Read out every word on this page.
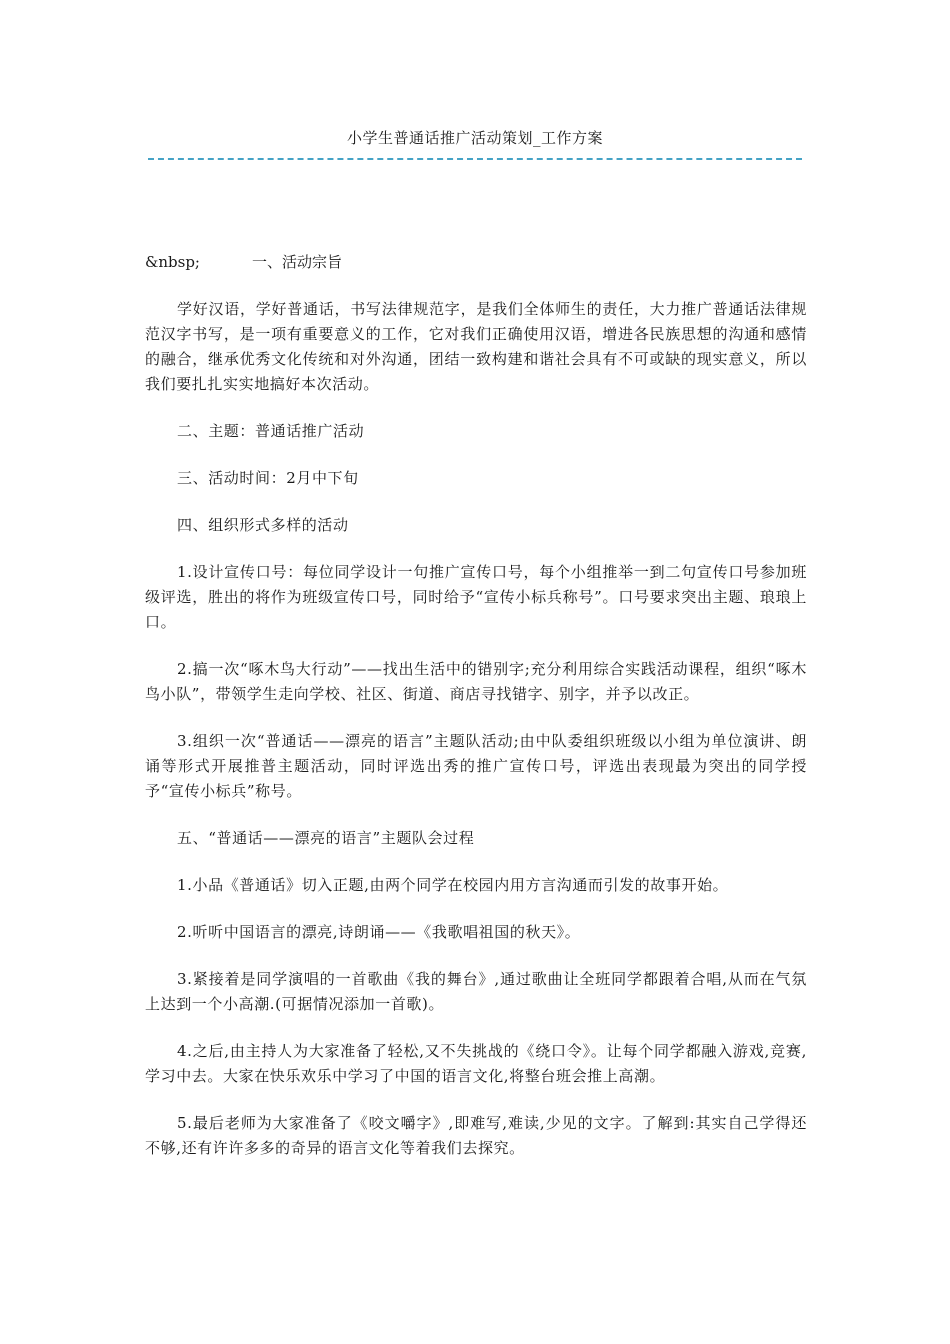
小学生普通话推广活动策划_工作方案

&nbsp;	一、活动宗旨

学好汉语，学好普通话，书写法律规范字，是我们全体师生的责任，大力推广普通话法律规范汉字书写，是一项有重要意义的工作，它对我们正确使用汉语，增进各民族思想的沟通和感情的融合，继承优秀文化传统和对外沟通，团结一致构建和谐社会具有不可或缺的现实意义，所以我们要扎扎实实地搞好本次活动。

二、主题：普通话推广活动

三、活动时间：2月中下旬

四、组织形式多样的活动

1.设计宣传口号：每位同学设计一句推广宣传口号，每个小组推举一到二句宣传口号参加班级评选，胜出的将作为班级宣传口号，同时给予“宣传小标兵称号”。口号要求突出主题、琅琅上口。

2.搞一次“啄木鸟大行动”——找出生活中的错别字;充分利用综合实践活动课程，组织“啄木鸟小队”，带领学生走向学校、社区、街道、商店寻找错字、别字，并予以改正。

3.组织一次“普通话——漂亮的语言”主题队活动;由中队委组织班级以小组为单位演讲、朗诵等形式开展推普主题活动，同时评选出秀的推广宣传口号，评选出表现最为突出的同学授予“宣传小标兵”称号。

五、“普通话——漂亮的语言”主题队会过程

1.小品《普通话》切入正题,由两个同学在校园内用方言沟通而引发的故事开始。

2.听听中国语言的漂亮,诗朗诵——《我歌唱祖国的秋天》。

3.紧接着是同学演唱的一首歌曲《我的舞台》,通过歌曲让全班同学都跟着合唱,从而在气氛上达到一个小高潮.(可据情况添加一首歌)。

4.之后,由主持人为大家准备了轻松,又不失挑战的《绕口令》。让每个同学都融入游戏,竞赛,学习中去。大家在快乐欢乐中学习了中国的语言文化,将整台班会推上高潮。

5.最后老师为大家准备了《咬文嚼字》,即难写,难读,少见的文字。了解到:其实自己学得还不够,还有许许多多的奇异的语言文化等着我们去探究。
